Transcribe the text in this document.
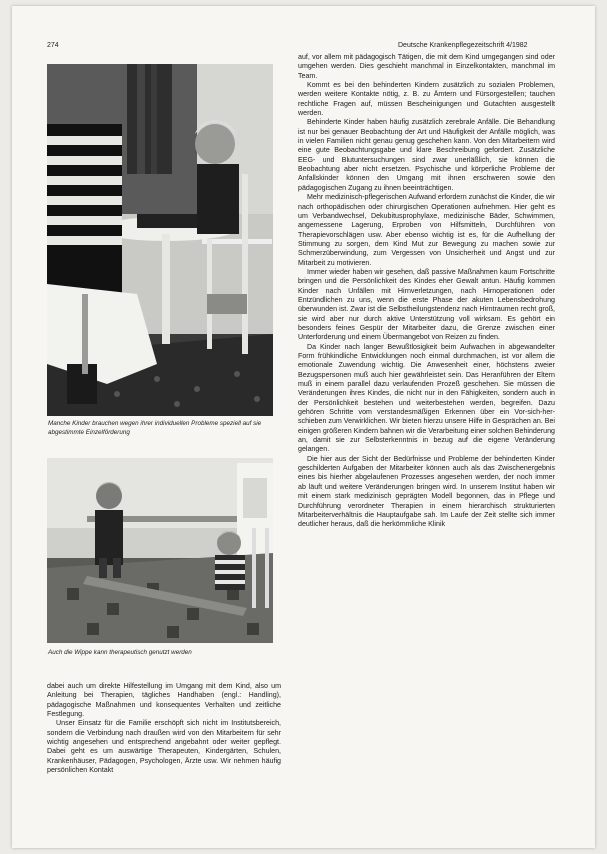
274	Deutsche Krankenpflegezeitschrift 4/1982
Manche Kinder brauchen wegen ihrer individuellen Probleme speziell auf sie abgestimmte Einzelförderung
Auch die Wippe kann therapeutisch genutzt werden

dabei auch um direkte Hilfestellung im Umgang mit dem Kind, also um Anleitung bei Therapien, tägliches Handhaben (engl.: Handling), pädagogische Maßnahmen und konsequentes Verhalten und zeitliche Festlegung.

Unser Einsatz für die Familie erschöpft sich nicht im Institutsbereich, sondern die Verbindung nach draußen wird von den Mitarbeitern für sehr wichtig angesehen und entsprechend angebahnt oder weiter gepflegt. Dabei geht es um auswärtige Therapeuten, Kindergärten, Schulen, Krankenhäuser, Pädagogen, Psychologen, Ärzte usw. Wir nehmen häufig persönlichen Kontakt

auf, vor allem mit pädagogisch Tätigen, die mit dem Kind umgegangen sind oder umgehen werden. Dies geschieht manchmal in Einzelkontakten, manchmal im Team.

Kommt es bei den behinderten Kindern zusätzlich zu sozialen Problemen, werden weitere Kontakte nötig, z. B. zu Ämtern und Fürsorgestellen; tauchen rechtliche Fragen auf, müssen Bescheinigungen und Gutachten ausgestellt werden.

Behinderte Kinder haben häufig zusätzlich zerebrale Anfälle. Die Behandlung ist nur bei genauer Beobachtung der Art und Häufigkeit der Anfälle möglich, was in vielen Familien nicht genau genug geschehen kann. Von den Mitarbeitern wird eine gute Beobachtungsgabe und klare Beschreibung gefordert. Zusätzliche EEG- und Blutuntersuchungen sind zwar unerläßlich, sie können die Beobachtung aber nicht ersetzen. Psychische und körperliche Probleme der Anfallskinder können den Umgang mit ihnen erschweren sowie den pädagogischen Zugang zu ihnen beeinträchtigen.

Mehr medizinisch-pflegerischen Aufwand erfordern zunächst die Kinder, die wir nach orthopädischen oder chirurgischen Operationen aufnehmen. Hier geht es um Verbandwechsel, Dekubitusprophylaxe, medizinische Bäder, Schwimmen, angemessene Lagerung, Erproben von Hilfsmitteln, Durchführen von Therapievorschlägen usw. Aber ebenso wichtig ist es, für die Aufhellung der Stimmung zu sorgen, dem Kind Mut zur Bewegung zu machen sowie zur Schmerzüberwindung, zum Vergessen von Unsicherheit und Angst und zur Mitarbeit zu motivieren.

Immer wieder haben wir gesehen, daß passive Maßnahmen kaum Fortschritte bringen und die Persönlichkeit des Kindes eher Gewalt antun. Häufig kommen Kinder nach Unfällen mit Hirnverletzungen, nach Hirnoperationen oder Entzündlichen zu uns, wenn die erste Phase der akuten Lebensbedrohung überwunden ist. Zwar ist die Selbstheilungstendenz nach Hirntraumen recht groß, sie wird aber nur durch aktive Unterstützung voll wirksam. Es gehört ein besonders feines Gespür der Mitarbeiter dazu, die Grenze zwischen einer Unterforderung und einem Übermangebot von Reizen zu finden.

Da Kinder nach langer Bewußtlosigkeit beim Aufwachen in abgewandelter Form frühkindliche Entwicklungen noch einmal durchmachen, ist vor allem die emotionale Zuwendung wichtig. Die Anwesenheit einer, höchstens zweier Bezugspersonen muß auch hier gewährleistet sein. Das Heranführen der Eltern muß in einem parallel dazu verlaufenden Prozeß geschehen. Sie müssen die Veränderungen ihres Kindes, die nicht nur in den Fähigkeiten, sondern auch in der Persönlichkeit bestehen und weiterbestehen werden, begreifen. Dazu gehören Schritte vom verstandesmäßigen Erkennen über ein Vor-sich-her-schieben zum Verwirklichen. Wir bieten hierzu unsere Hilfe in Gesprächen an. Bei einigen größeren Kindern bahnen wir die Verarbeitung einer solchen Behinderung an, damit sie zur Selbsterkenntnis in bezug auf die eigene Veränderung gelangen.

Die hier aus der Sicht der Bedürfnisse und Probleme der behinderten Kinder geschilderten Aufgaben der Mitarbeiter können auch als das Zwischenergebnis eines bis hierher abgelaufenen Prozesses angesehen werden, der noch immer ab läuft und weitere Veränderungen bringen wird. In unserem Institut haben wir mit einem stark medizinisch geprägten Modell begonnen, das in Pflege und Durchführung verordneter Therapien in einem hierarchisch strukturierten Mitarbeiterverhältnis die Hauptaufgabe sah. Im Laufe der Zeit stellte sich immer deutlicher heraus, daß die herkömmliche Klinik
